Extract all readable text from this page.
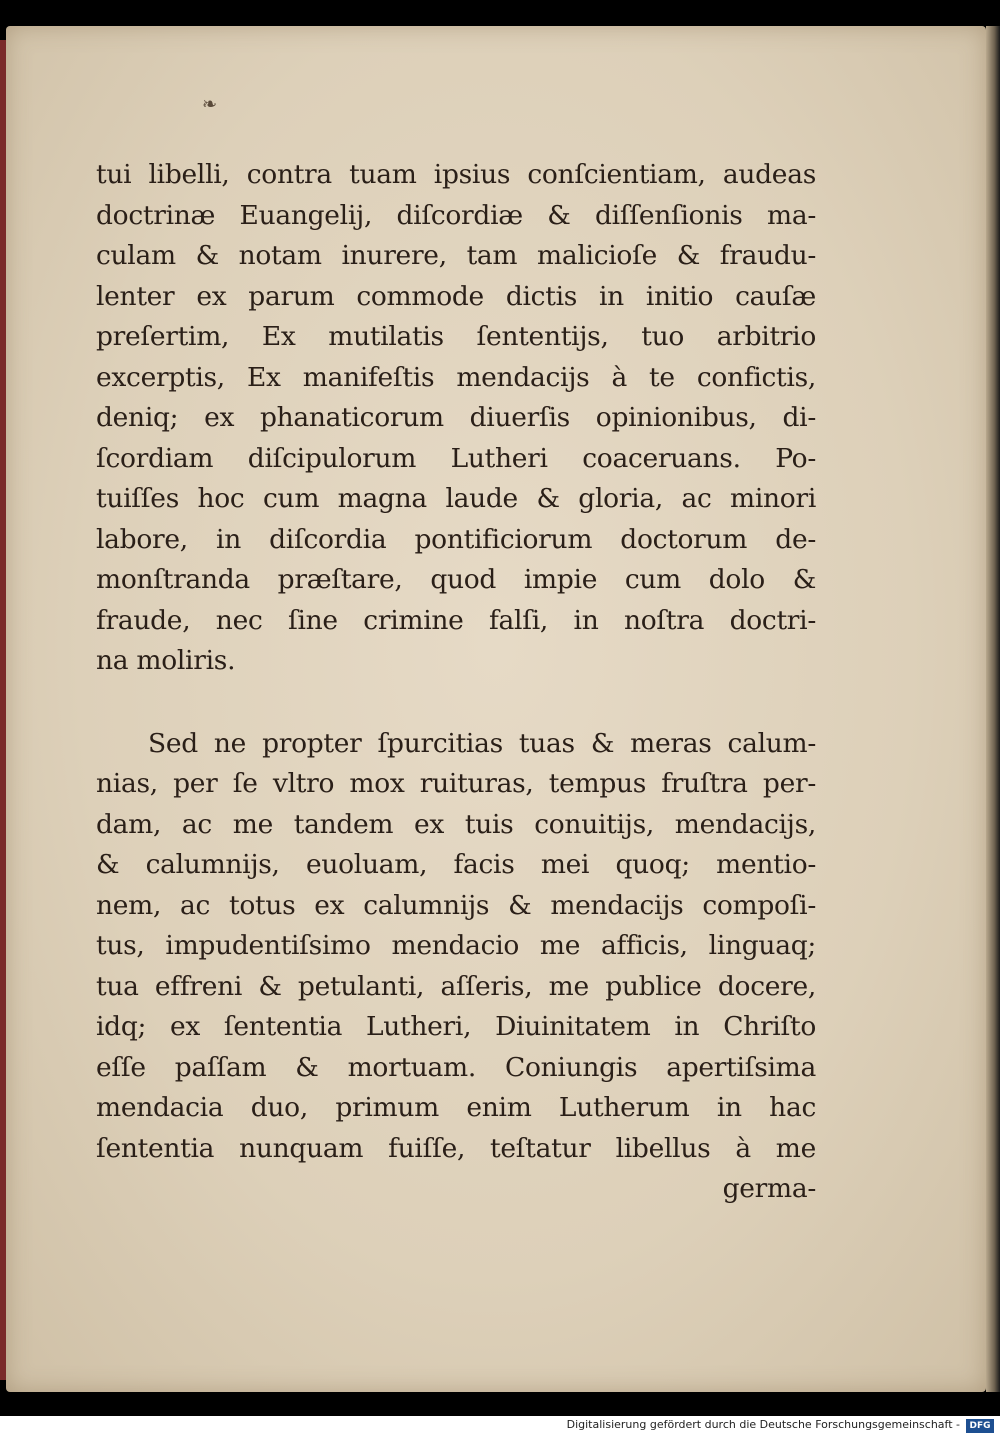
❧
tui libelli, contra tuam ipsius conſcientiam, audeas
doctrinæ Euangelij, diſcordiæ & diſſenſionis ma-
culam & notam inurere, tam malicioſe & fraudu-
lenter ex parum commode dictis in initio cauſæ
preſertim, Ex mutilatis ſententijs, tuo arbitrio
excerptis, Ex manifeſtis mendacijs à te confictis,
deniq; ex phanaticorum diuerſis opinionibus, di-
ſcordiam diſcipulorum Lutheri coaceruans. Po-
tuiſſes hoc cum magna laude & gloria, ac minori
labore, in diſcordia pontificiorum doctorum de-
monſtranda præſtare, quod impie cum dolo &
fraude, nec ſine crimine falſi, in noſtra doctri-
na moliris.
Sed ne propter ſpurcitias tuas & meras calum-
nias, per ſe vltro mox ruituras, tempus fruſtra per-
dam, ac me tandem ex tuis conuitijs, mendacijs,
& calumnijs, euoluam, facis mei quoq; mentio-
nem, ac totus ex calumnijs & mendacijs compoſi-
tus, impudentiſsimo mendacio me afficis, linguaq;
tua effreni & petulanti, aſſeris, me publice docere,
idq; ex ſententia Lutheri, Diuinitatem in Chriſto
eſſe paſſam & mortuam. Coniungis apertiſsima
mendacia duo, primum enim Lutherum in hac
ſententia nunquam fuiſſe, teſtatur libellus à me
germa-
Digitalisierung gefördert durch die Deutsche Forschungsgemeinschaft -	DFG
